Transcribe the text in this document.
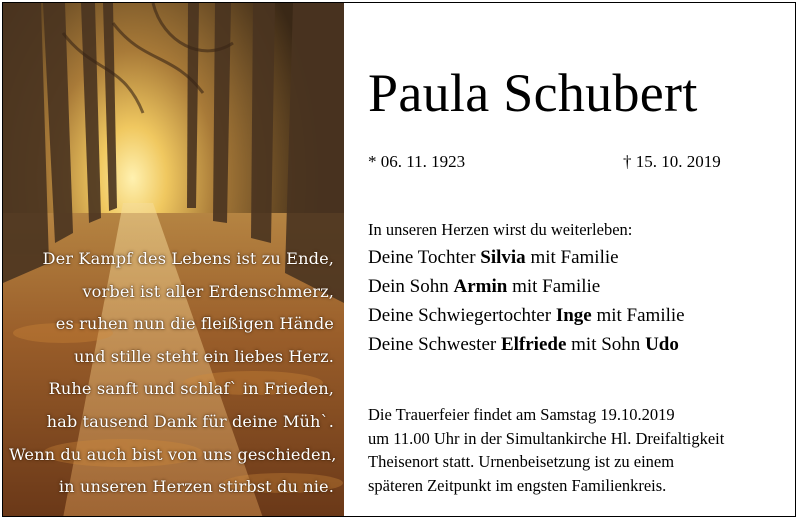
Der Kampf des Lebens ist zu Ende,
vorbei ist aller Erdenschmerz,
es ruhen nun die fleißigen Hände
und stille steht ein liebes Herz.
Ruhe sanft und schlaf` in Frieden,
hab tausend Dank für deine Müh`.
Wenn du auch bist von uns geschieden,
in unseren Herzen stirbst du nie.
Paula Schubert
* 06. 11. 1923	† 15. 10. 2019
In unseren Herzen wirst du weiterleben:
Deine Tochter Silvia mit Familie
Dein Sohn Armin mit Familie
Deine Schwiegertochter Inge mit Familie
Deine Schwester Elfriede mit Sohn Udo
Die Trauerfeier findet am Samstag 19.10.2019
um 11.00 Uhr in der Simultankirche Hl. Dreifaltigkeit
Theisenort statt. Urnenbeisetzung ist zu einem
späteren Zeitpunkt im engsten Familienkreis.
